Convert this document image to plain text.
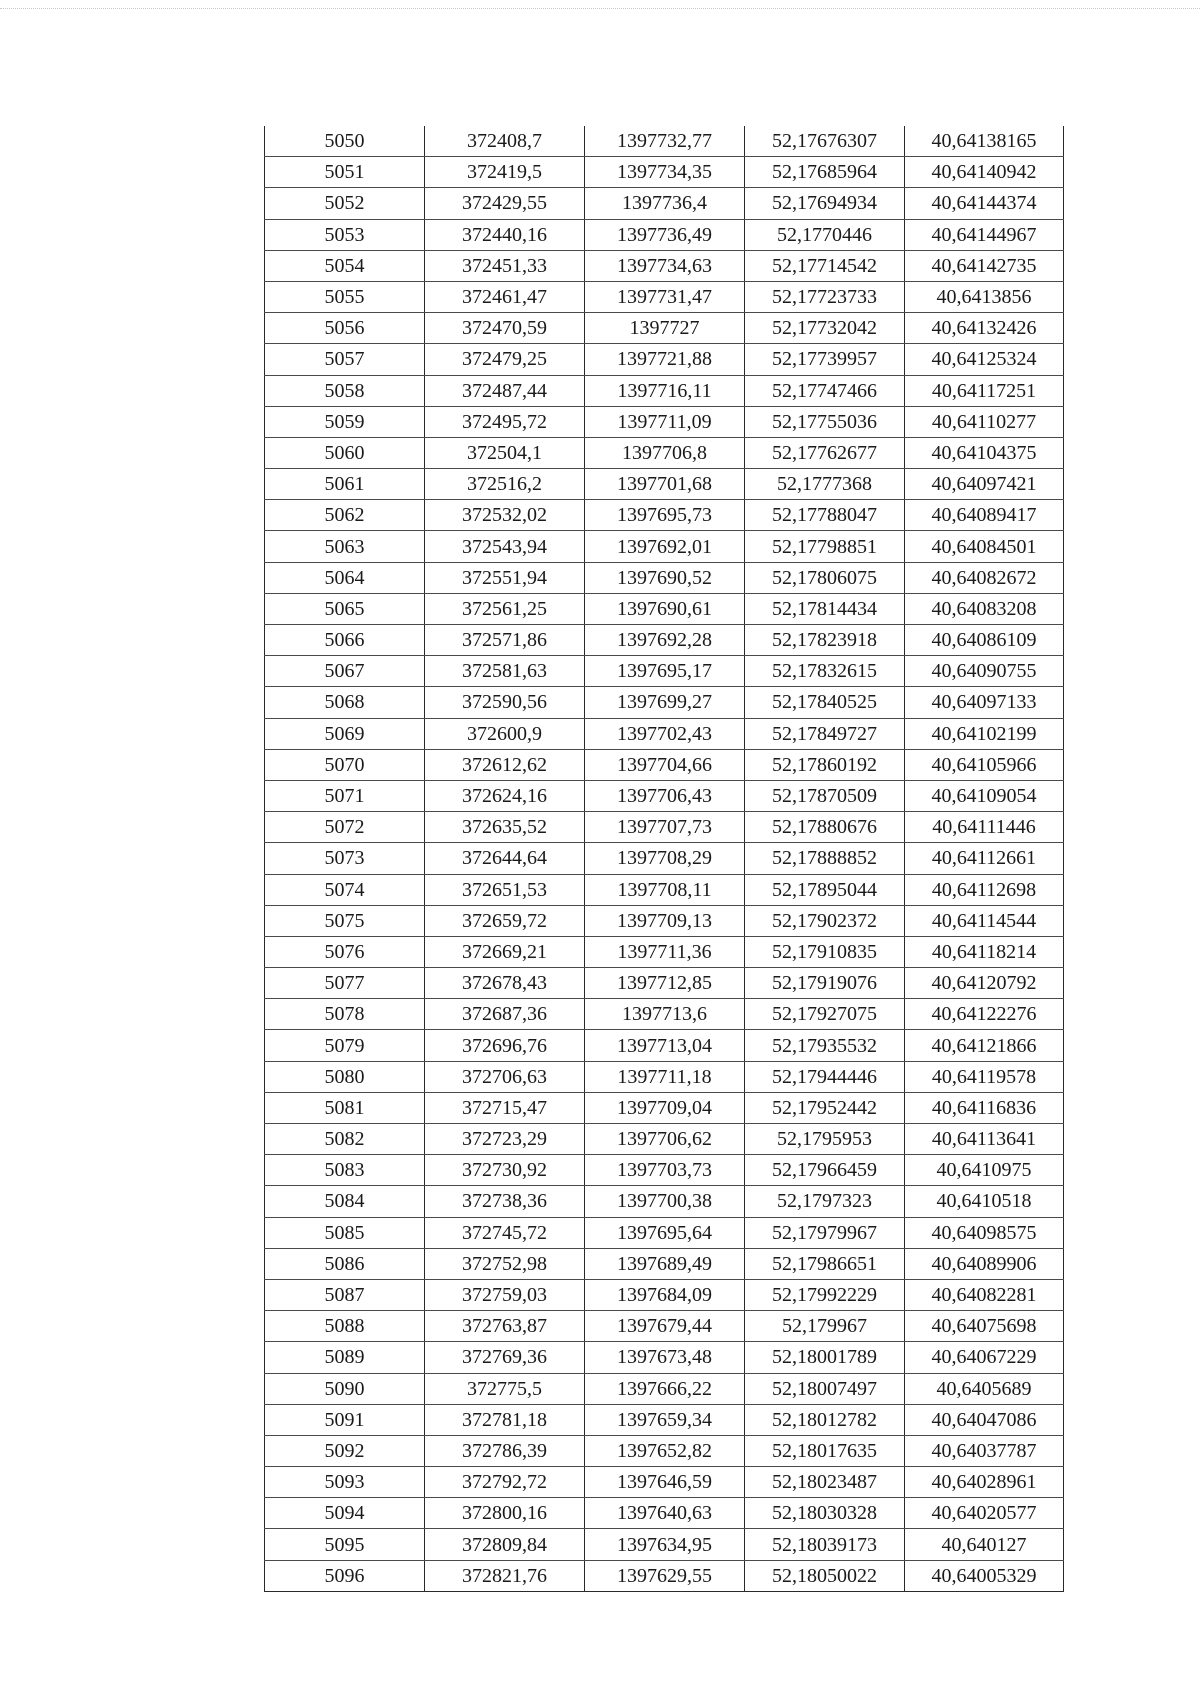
5050	372408,7	1397732,77	52,17676307	40,64138165
5051	372419,5	1397734,35	52,17685964	40,64140942
5052	372429,55	1397736,4	52,17694934	40,64144374
5053	372440,16	1397736,49	52,1770446	40,64144967
5054	372451,33	1397734,63	52,17714542	40,64142735
5055	372461,47	1397731,47	52,17723733	40,6413856
5056	372470,59	1397727	52,17732042	40,64132426
5057	372479,25	1397721,88	52,17739957	40,64125324
5058	372487,44	1397716,11	52,17747466	40,64117251
5059	372495,72	1397711,09	52,17755036	40,64110277
5060	372504,1	1397706,8	52,17762677	40,64104375
5061	372516,2	1397701,68	52,1777368	40,64097421
5062	372532,02	1397695,73	52,17788047	40,64089417
5063	372543,94	1397692,01	52,17798851	40,64084501
5064	372551,94	1397690,52	52,17806075	40,64082672
5065	372561,25	1397690,61	52,17814434	40,64083208
5066	372571,86	1397692,28	52,17823918	40,64086109
5067	372581,63	1397695,17	52,17832615	40,64090755
5068	372590,56	1397699,27	52,17840525	40,64097133
5069	372600,9	1397702,43	52,17849727	40,64102199
5070	372612,62	1397704,66	52,17860192	40,64105966
5071	372624,16	1397706,43	52,17870509	40,64109054
5072	372635,52	1397707,73	52,17880676	40,64111446
5073	372644,64	1397708,29	52,17888852	40,64112661
5074	372651,53	1397708,11	52,17895044	40,64112698
5075	372659,72	1397709,13	52,17902372	40,64114544
5076	372669,21	1397711,36	52,17910835	40,64118214
5077	372678,43	1397712,85	52,17919076	40,64120792
5078	372687,36	1397713,6	52,17927075	40,64122276
5079	372696,76	1397713,04	52,17935532	40,64121866
5080	372706,63	1397711,18	52,17944446	40,64119578
5081	372715,47	1397709,04	52,17952442	40,64116836
5082	372723,29	1397706,62	52,1795953	40,64113641
5083	372730,92	1397703,73	52,17966459	40,6410975
5084	372738,36	1397700,38	52,1797323	40,6410518
5085	372745,72	1397695,64	52,17979967	40,64098575
5086	372752,98	1397689,49	52,17986651	40,64089906
5087	372759,03	1397684,09	52,17992229	40,64082281
5088	372763,87	1397679,44	52,179967	40,64075698
5089	372769,36	1397673,48	52,18001789	40,64067229
5090	372775,5	1397666,22	52,18007497	40,6405689
5091	372781,18	1397659,34	52,18012782	40,64047086
5092	372786,39	1397652,82	52,18017635	40,64037787
5093	372792,72	1397646,59	52,18023487	40,64028961
5094	372800,16	1397640,63	52,18030328	40,64020577
5095	372809,84	1397634,95	52,18039173	40,640127
5096	372821,76	1397629,55	52,18050022	40,64005329
